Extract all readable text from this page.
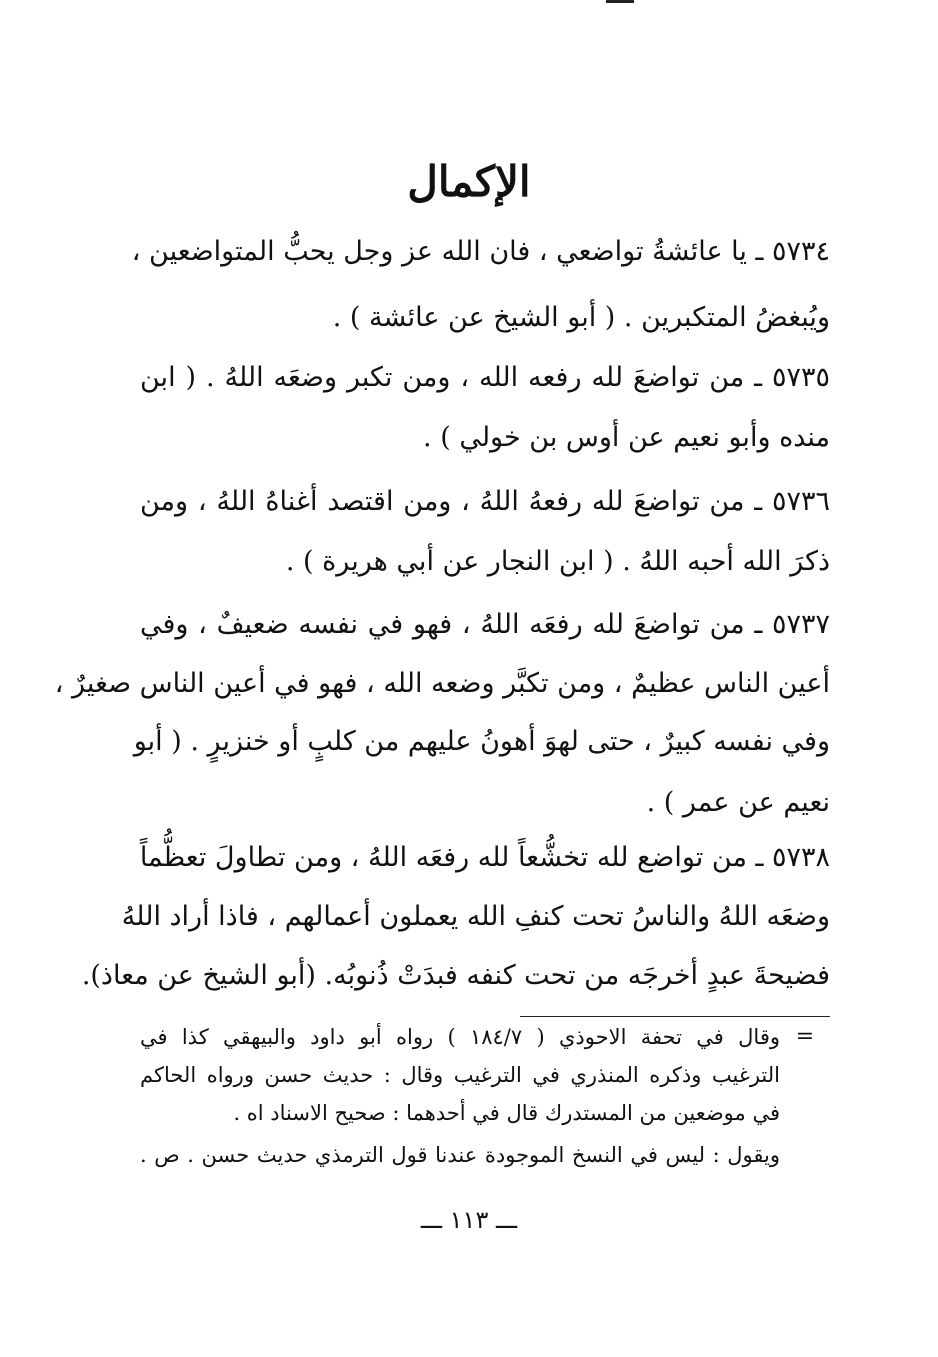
الإكمال
٥٧٣٤ ـ يا عائشةُ تواضعي ، فان الله عز وجل يحبُّ المتواضعين ،
ويُبغضُ المتكبرين . ( أبو الشيخ عن عائشة ) .
٥٧٣٥ ـ من تواضعَ لله رفعه الله ، ومن تكبر وضعَه اللهُ . ( ابن
منده وأبو نعيم عن أوس بن خولي ) .
٥٧٣٦ ـ من تواضعَ لله رفعهُ اللهُ ، ومن اقتصد أغناهُ اللهُ ، ومن
ذكرَ الله أحبه اللهُ . ( ابن النجار عن أبي هريرة ) .
٥٧٣٧ ـ من تواضعَ لله رفعَه اللهُ ، فهو في نفسه ضعيفٌ ، وفي
أعين الناس عظيمٌ ، ومن تكبَّر وضعه الله ، فهو في أعين الناس صغيرٌ ،
وفي نفسه كبيرٌ ، حتى لهوَ أهونُ عليهم من كلبٍ أو خنزيرٍ . ( أبو
نعيم عن عمر ) .
٥٧٣٨ ـ من تواضع لله تخشُّعاً لله رفعَه اللهُ ، ومن تطاولَ تعظُّماً
وضعَه اللهُ والناسُ تحت كنفِ الله يعملون أعمالهم ، فاذا أراد اللهُ
فضيحةَ عبدٍ أخرجَه من تحت كنفه فبدَتْ ذُنوبُه. (أبو الشيخ عن معاذ).
=
وقال في تحفة الاحوذي ( ١٨٤/٧ ) رواه أبو داود والبيهقي كذا في
الترغيب وذكره المنذري في الترغيب وقال : حديث حسن ورواه الحاكم
في موضعين من المستدرك قال في أحدهما : صحيح الاسناد اه .
ويقول : ليس في النسخ الموجودة عندنا قول الترمذي حديث حسن . ص .
ـــ ١١٣ ـــ
